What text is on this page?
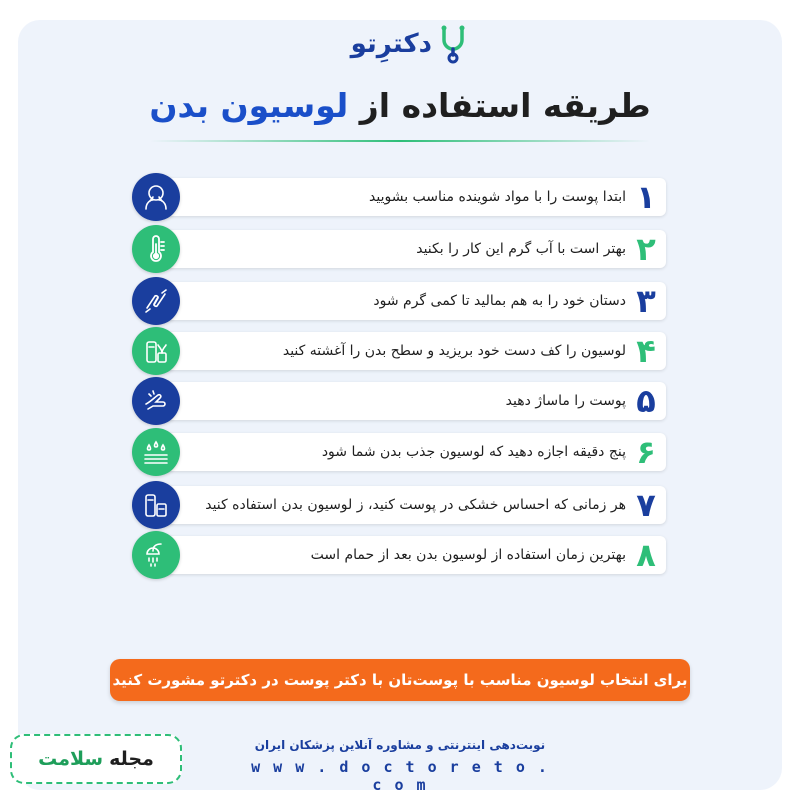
دکترِتو
طریقه استفاده از لوسیون بدن
۱
ابتدا پوست را با مواد شوینده مناسب بشویید
۲
بهتر است با آب گرم این کار را بکنید
۳
دستان خود را به هم بمالید تا کمی گرم شود
۴
لوسیون را کف دست خود بریزید و سطح بدن را آغشته کنید
۵
پوست را ماساژ دهید
۶
پنج دقیقه اجازه دهید که لوسیون جذب بدن شما شود
۷
هر زمانی که احساس خشکی در پوست کنید، ز لوسیون بدن استفاده کنید
۸
بهترین زمان استفاده از لوسیون بدن بعد از حمام است
برای انتخاب لوسیون مناسب با پوست‌تان با دکتر پوست در دکترتو مشورت کنید
نوبت‌دهی اینترنتی و مشاوره آنلاین پزشکان ایران
w w w . d o c t o r e t o . c o m
مجله
سلامت
